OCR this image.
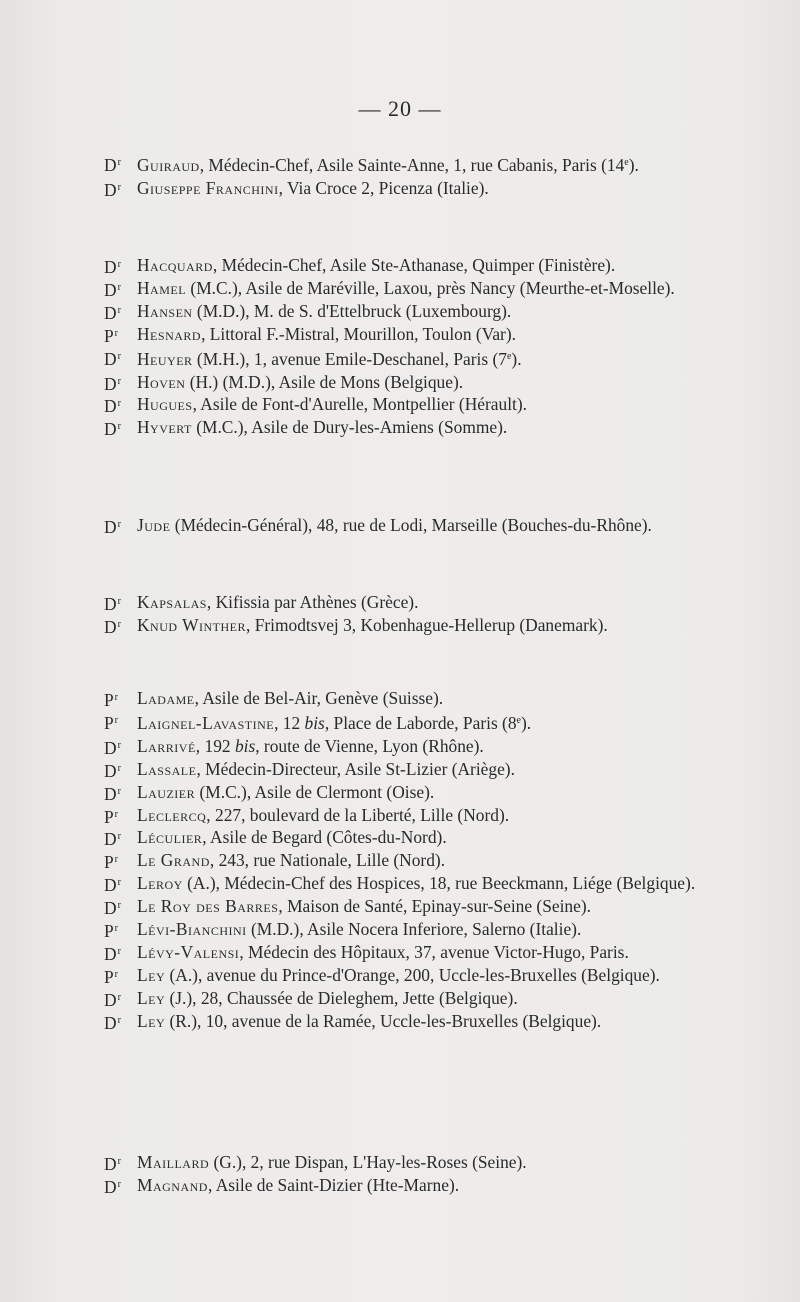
— 20 —
$D^r$ Guiraud, Médecin-Chef, Asile Sainte-Anne, 1, rue Cabanis, Paris (14e).
$D^r$ Giuseppe Franchini, Via Croce 2, Picenza (Italie).
$D^r$ Hacquard, Médecin-Chef, Asile Ste-Athanase, Quimper (Finistère).
$D^r$ Hamel (M.C.), Asile de Maréville, Laxou, près Nancy (Meurthe-et-Moselle).
$D^r$ Hansen (M.D.), M. de S. d'Ettelbruck (Luxembourg).
$P^r$	Hesnard, Littoral F.-Mistral, Mourillon, Toulon (Var).
$D^r$ Heuyer (M.H.), 1, avenue Emile-Deschanel, Paris (7e).
$D^r$ Hoven (H.) (M.D.), Asile de Mons (Belgique).
$D^r$ Hugues, Asile de Font-d'Aurelle, Montpellier (Hérault).
$D^r$ Hyvert (M.C.), Asile de Dury-les-Amiens (Somme).
$D^r$ Jude (Médecin-Général), 48, rue de Lodi, Marseille (Bouches-du-Rhône).
$D^r$ Kapsalas, Kifissia par Athènes (Grèce).
$D^r$ Knud Winther, Frimodtsvej 3, Kobenhague-Hellerup (Danemark).
$P^r$	Ladame, Asile de Bel-Air, Genève (Suisse).
$P^r$	Laignel-Lavastine, 12 bis, Place de Laborde, Paris (8e).
$D^r$ Larrivé, 192 bis, route de Vienne, Lyon (Rhône).
$D^r$ Lassale, Médecin-Directeur, Asile St-Lizier (Ariège).
$D^r$ Lauzier (M.C.), Asile de Clermont (Oise).
$P^r$	Leclercq, 227, boulevard de la Liberté, Lille (Nord).
$D^r$ Léculier, Asile de Begard (Côtes-du-Nord).
$P^r$	Le Grand, 243, rue Nationale, Lille (Nord).
$D^r$ Leroy (A.), Médecin-Chef des Hospices, 18, rue Beeckmann, Liége (Belgique).
$D^r$ Le Roy des Barres, Maison de Santé, Epinay-sur-Seine (Seine).
$P^r$	Lévi-Bianchini (M.D.), Asile Nocera Inferiore, Salerno (Italie).
$D^r$ Lévy-Valensi, Médecin des Hôpitaux, 37, avenue Victor-Hugo, Paris.
$P^r$	Ley (A.), avenue du Prince-d'Orange, 200, Uccle-les-Bruxelles (Belgique).
$D^r$ Ley (J.), 28, Chaussée de Dieleghem, Jette (Belgique).
$D^r$ Ley (R.), 10, avenue de la Ramée, Uccle-les-Bruxelles (Belgique).
$D^r$ Maillard (G.), 2, rue Dispan, L'Hay-les-Roses (Seine).
$D^r$ Magnand, Asile de Saint-Dizier (Hte-Marne).
